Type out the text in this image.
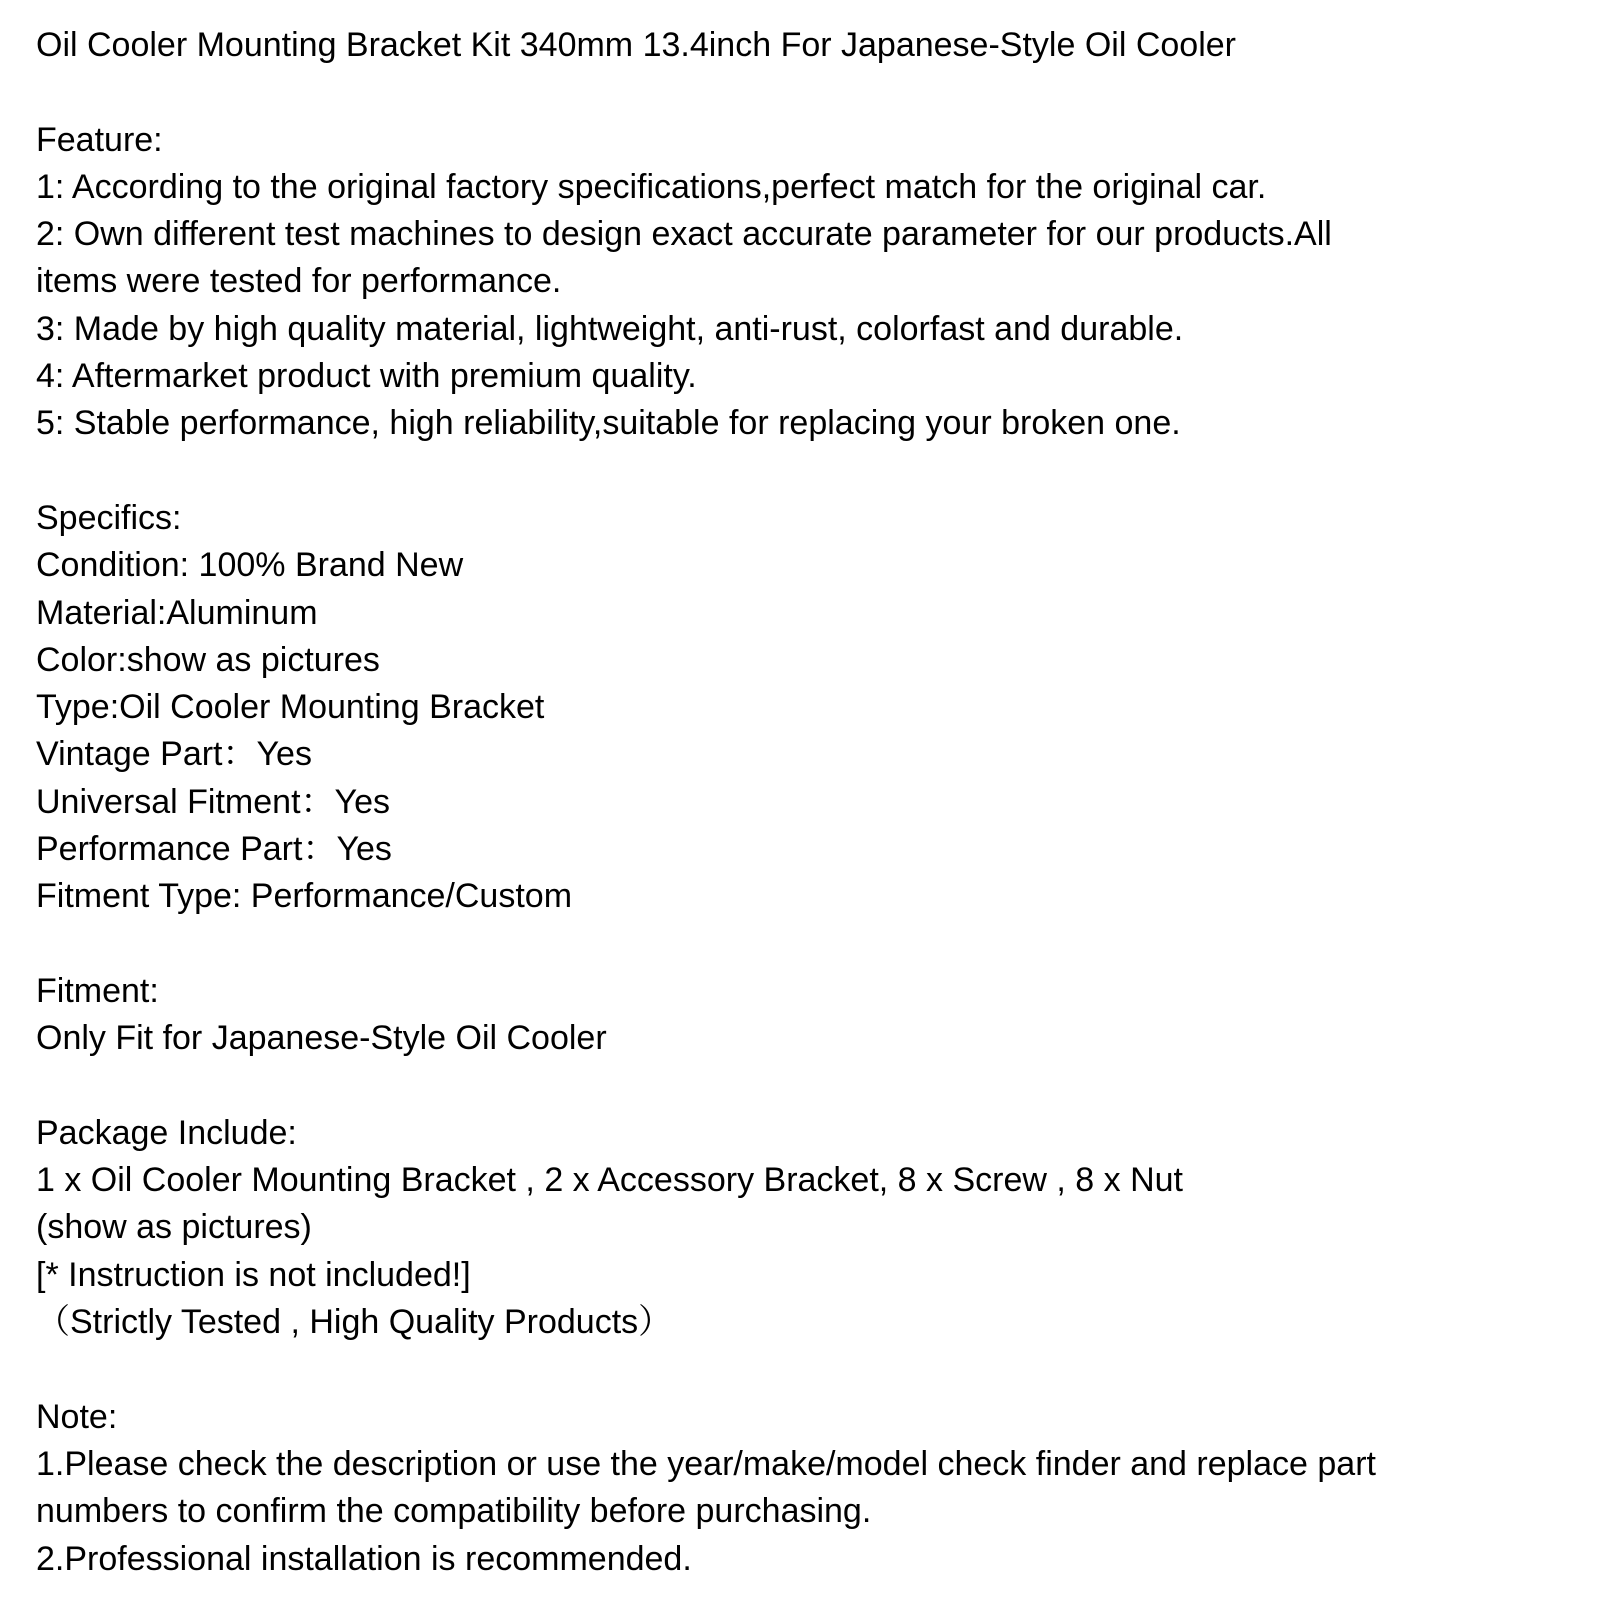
Oil Cooler Mounting Bracket Kit 340mm 13.4inch For Japanese-Style Oil Cooler
Feature:
1: According to the original factory specifications,perfect match for the original car.
2: Own different test machines to design exact accurate parameter for our products.All
items were tested for performance.
3: Made by high quality material, lightweight, anti-rust, colorfast and durable.
4: Aftermarket product with premium quality.
5: Stable performance, high reliability,suitable for replacing your broken one.
Specifics:
Condition: 100% Brand New
Material:Aluminum
Color:show as pictures
Type:Oil Cooler Mounting Bracket
Vintage Part：Yes
Universal Fitment：Yes
Performance Part：Yes
Fitment Type: Performance/Custom
Fitment:
Only Fit for Japanese-Style Oil Cooler
Package Include:
1 x Oil Cooler Mounting Bracket , 2 x Accessory Bracket, 8 x Screw , 8 x Nut
(show as pictures)
[* Instruction is not included!]
（Strictly Tested , High Quality Products）
Note:
1.Please check the description or use the year/make/model check finder and replace part
numbers to confirm the compatibility before purchasing.
2.Professional installation is recommended.
